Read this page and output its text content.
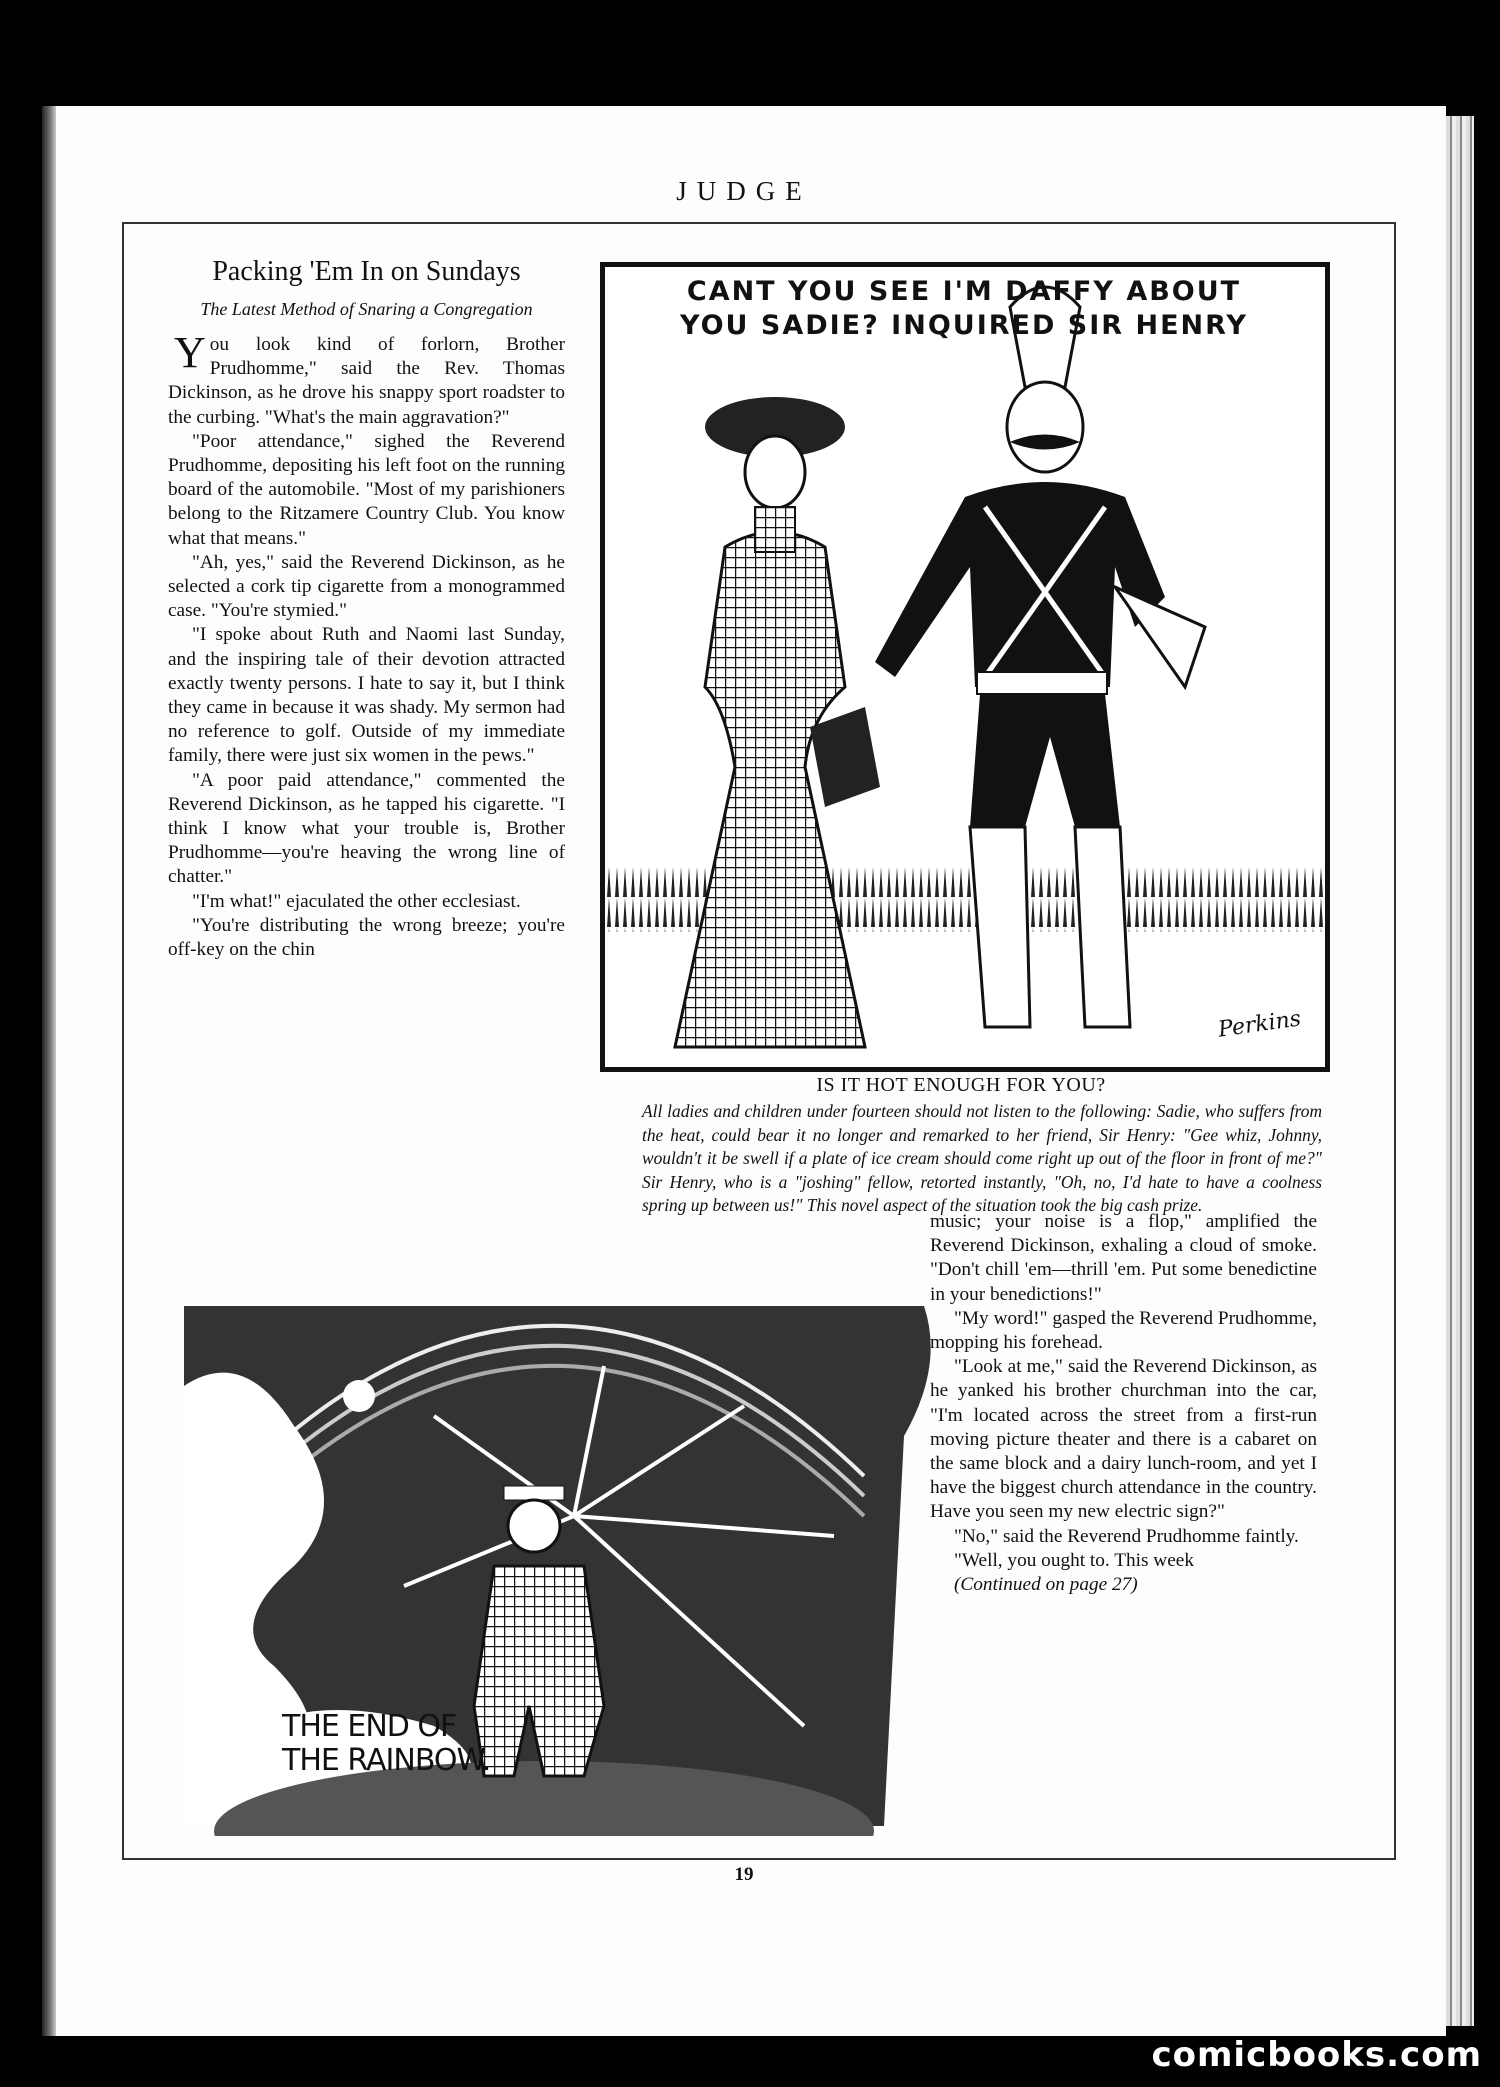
JUDGE
Packing 'Em In on Sundays
The Latest Method of Snaring a Congregation

You look kind of forlorn, Brother Prudhomme," said the Rev. Thomas Dickinson, as he drove his snappy sport roadster to the curbing. "What's the main aggravation?"

"Poor attendance," sighed the Reverend Prudhomme, depositing his left foot on the running board of the automobile. "Most of my parishioners belong to the Ritzamere Country Club. You know what that means."

"Ah, yes," said the Reverend Dickinson, as he selected a cork tip cigarette from a monogrammed case. "You're stymied."

"I spoke about Ruth and Naomi last Sunday, and the inspiring tale of their devotion attracted exactly twenty persons. I hate to say it, but I think they came in because it was shady. My sermon had no reference to golf. Outside of my immediate family, there were just six women in the pews."

"A poor paid attendance," commented the Reverend Dickinson, as he tapped his cigarette. "I think I know what your trouble is, Brother Prudhomme—you're heaving the wrong line of chatter."

"I'm what!" ejaculated the other ecclesiast.

"You're distributing the wrong breeze; you're off-key on the chin

CANT YOU SEE I'M DAFFY ABOUT
YOU SADIE? INQUIRED SIR HENRY
Perkins
IS IT HOT ENOUGH FOR YOU?
All ladies and children under fourteen should not listen to the following: Sadie, who suffers from the heat, could bear it no longer and remarked to her friend, Sir Henry: "Gee whiz, Johnny, wouldn't it be swell if a plate of ice cream should come right up out of the floor in front of me?" Sir Henry, who is a "joshing" fellow, retorted instantly, "Oh, no, I'd hate to have a coolness spring up between us!" This novel aspect of the situation took the big cash prize.
THE END OF
THE RAINBOW.

music; your noise is a flop," amplified the Reverend Dickinson, exhaling a cloud of smoke. "Don't chill 'em—thrill 'em. Put some benedictine in your benedictions!"

"My word!" gasped the Reverend Prudhomme, mopping his forehead.

"Look at me," said the Reverend Dickinson, as he yanked his brother churchman into the car, "I'm located across the street from a first-run moving picture theater and there is a cabaret on the same block and a dairy lunch-room, and yet I have the biggest church attendance in the country. Have you seen my new electric sign?"

"No," said the Reverend Prudhomme faintly.

"Well, you ought to. This week

(Continued on page 27)

19
comicbooks.com
